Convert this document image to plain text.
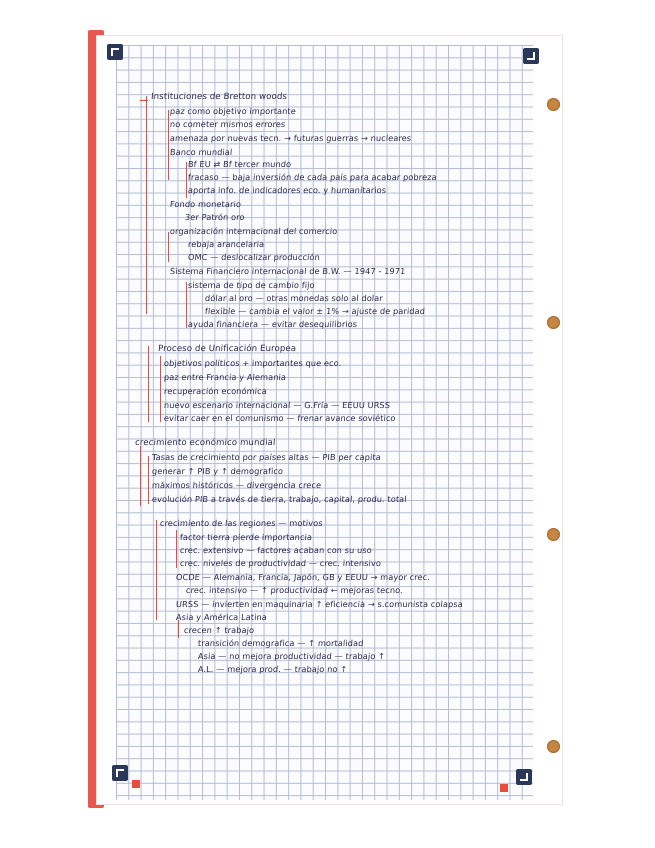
Instituciones de Bretton woods
paz como objetivo importante
no cometer mismos errores
amenaza por nuevas tecn. → futuras guerras → nucleares
Banco mundial
Bf EU ⇄ Bf tercer mundo
fracaso — baja inversión de cada país para acabar pobreza
aporta info. de indicadores eco. y humanitarios
Fondo monetario
3er Patrón oro
organización internacional del comercio
rebaja arancelaria
OMC — deslocalizar producción
Sistema Financiero internacional de B.W. — 1947 - 1971
sistema de tipo de cambio fijo
dólar al oro — otras monedas solo al dolar
flexible — cambia el valor ± 1% → ajuste de paridad
ayuda financiera — evitar desequilibrios
Proceso de Unificación Europea
objetivos políticos + importantes que eco.
paz entre Francia y Alemania
recuperación económica
nuevo escenario internacional — G.Fría — EEUU URSS
evitar caer en el comunismo — frenar avance soviético
crecimiento económico mundial
Tasas de crecimiento por países altas — PIB per capita
generar ↑ PIB y ↑ demografico
máximos históricos — divergencia crece
evolución PIB a través de tierra, trabajo, capital, produ. total
crecimiento de las regiones — motivos
factor tierra pierde importancia
crec. extensivo — factores acaban con su uso
crec. niveles de productividad — crec. intensivo
OCDE — Alemania, Francia, Japón, GB y EEUU → mayor crec.
crec. intensivo — ↑ productividad ← mejoras tecno.
URSS — invierten en maquinaria ↑ eficiencia → s.comunista colapsa
Asia y América Latina
crecen ↑ trabajo
transición demografica — ↑ mortalidad
Asia — no mejora productividad — trabajo ↑
A.L. — mejora prod. — trabajo no ↑
